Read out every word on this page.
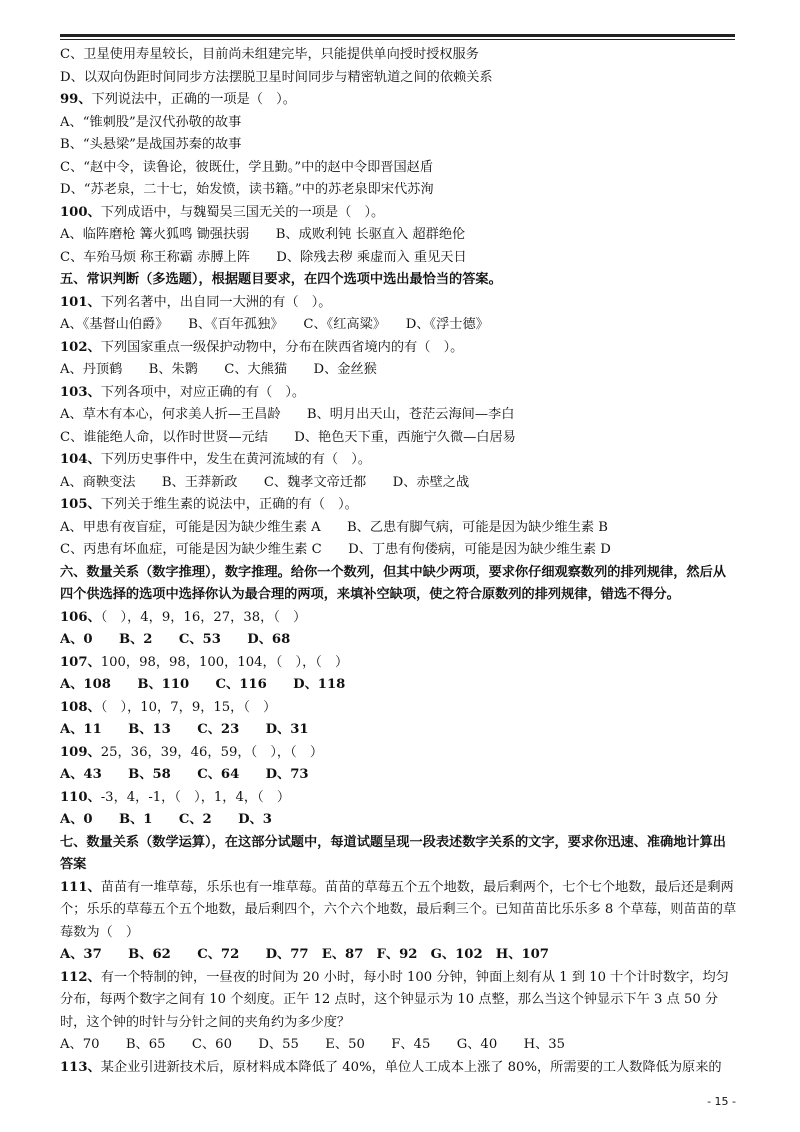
C、卫星使用寿星较长，目前尚未组建完毕，只能提供单向授时授权服务
D、以双向伪距时间同步方法摆脱卫星时间同步与精密轨道之间的依赖关系
99、下列说法中，正确的一项是（　）。
A、“锥刺股”是汉代孙敬的故事
B、“头悬梁”是战国苏秦的故事
C、“赵中令，读鲁论，彼既仕，学且勤。”中的赵中令即晋国赵盾
D、“苏老泉，二十七，始发愤，读书籍。”中的苏老泉即宋代苏洵
100、下列成语中，与魏蜀吴三国无关的一项是（　）。
A、临阵磨枪 篝火狐鸣 锄强扶弱　　B、成败利钝 长驱直入 超群绝伦
C、车殆马烦 称王称霸 赤膊上阵　　D、除残去秽 乘虚而入 重见天日
五、常识判断（多选题），根据题目要求，在四个选项中选出最恰当的答案。
101、下列名著中，出自同一大洲的有（　）。
A、《基督山伯爵》　　B、《百年孤独》　　C、《红高粱》　　D、《浮士德》
102、下列国家重点一级保护动物中，分布在陕西省境内的有（　）。
A、丹顶鹤　　B、朱鹮　　C、大熊猫　　D、金丝猴
103、下列各项中，对应正确的有（　）。
A、草木有本心，何求美人折—王昌龄　　B、明月出天山，苍茫云海间—李白
C、谁能绝人命，以作时世贤—元结　　D、艳色天下重，西施宁久微—白居易
104、下列历史事件中，发生在黄河流域的有（　）。
A、商鞅变法　　B、王莽新政　　C、魏孝文帝迁都　　D、赤壁之战
105、下列关于维生素的说法中，正确的有（　）。
A、甲患有夜盲症，可能是因为缺少维生素 A　　B、乙患有脚气病，可能是因为缺少维生素 B
C、丙患有坏血症，可能是因为缺少维生素 C　　D、丁患有佝偻病，可能是因为缺少维生素 D
六、数量关系（数字推理），数字推理。给你一个数列，但其中缺少两项，要求你仔细观察数列的排列规律，然后从四个供选择的选项中选择你认为最合理的两项，来填补空缺项，使之符合原数列的排列规律，错选不得分。
106、（　），4，9，16，27，38，（　）
A、0　　B、2　　C、53　　D、68
107、100，98，98，100，104，（　），（　）
A、108　　B、110　　C、116　　D、118
108、（　），10，7，9，15，（　）
A、11　　B、13　　C、23　　D、31
109、25，36，39，46，59，（　），（　）
A、43　　B、58　　C、64　　D、73
110、-3，4，-1，（　），1，4，（　）
A、0　　B、1　　C、2　　D、3
七、数量关系（数学运算），在这部分试题中，每道试题呈现一段表述数字关系的文字，要求你迅速、准确地计算出答案
111、苗苗有一堆草莓，乐乐也有一堆草莓。苗苗的草莓五个五个地数，最后剩两个，七个七个地数，最后还是剩两个；乐乐的草莓五个五个地数，最后剩四个，六个六个地数，最后剩三个。已知苗苗比乐乐多 8 个草莓，则苗苗的草莓数为（　）
A、37　　B、62　　C、72　　D、77　E、87　F、92　G、102　H、107
112、有一个特制的钟，一昼夜的时间为 20 小时，每小时 100 分钟，钟面上刻有从 1 到 10 十个计时数字，均匀分布，每两个数字之间有 10 个刻度。正午 12 点时，这个钟显示为 10 点整，那么当这个钟显示下午 3 点 50 分时，这个钟的时针与分针之间的夹角约为多少度？
A、70　　B、65　　C、60　　D、55　　E、50　　F、45　　G、40　　H、35
113、某企业引进新技术后，原材料成本降低了 40%，单位人工成本上涨了 80%，所需要的工人数降低为原来的
- 15 -
